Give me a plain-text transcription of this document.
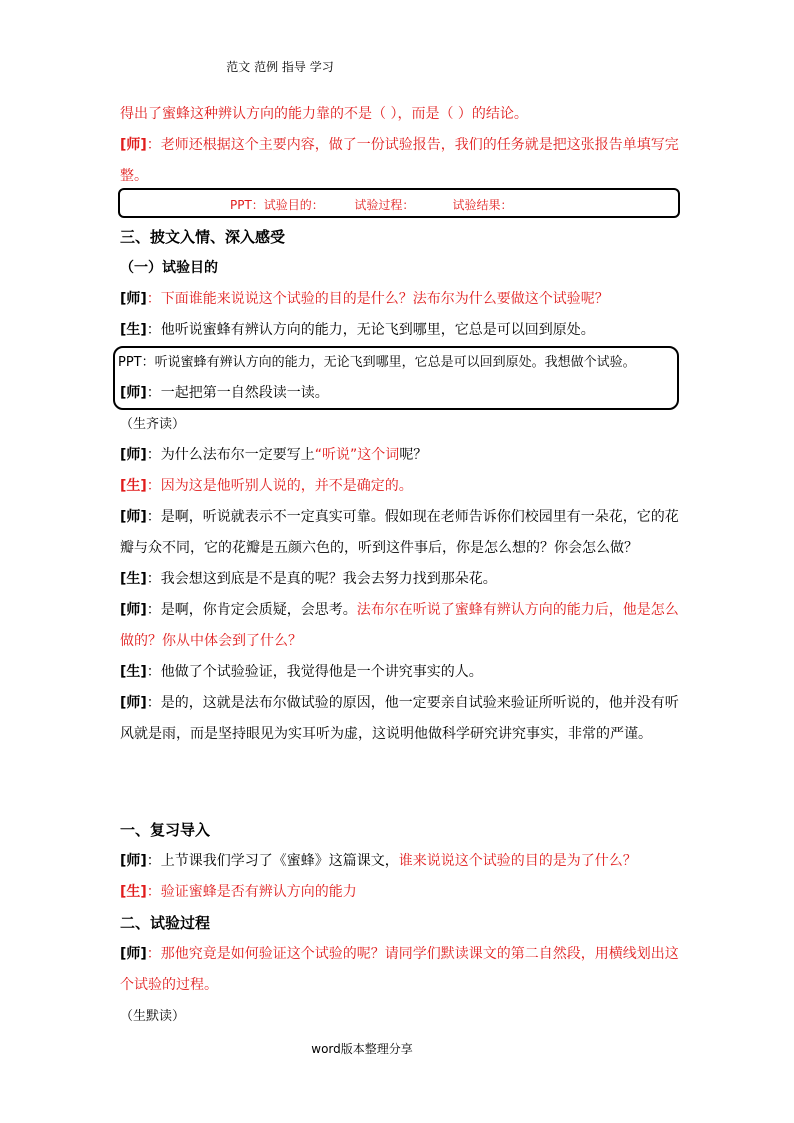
范文 范例 指导 学习
得出了蜜蜂这种辨认方向的能力靠的不是（ ），而是（ ）的结论。
[师]：老师还根据这个主要内容，做了一份试验报告，我们的任务就是把这张报告单填写完整。
PPT：试验目的：        试验过程：          试验结果：
三、披文入情、深入感受
（一）试验目的
[师]：下面谁能来说说这个试验的目的是什么？法布尔为什么要做这个试验呢？
[生]：他听说蜜蜂有辨认方向的能力，无论飞到哪里，它总是可以回到原处。
PPT：听说蜜蜂有辨认方向的能力，无论飞到哪里，它总是可以回到原处。我想做个试验。
[师]：一起把第一自然段读一读。
（生齐读）
[师]：为什么法布尔一定要写上“听说”这个词呢？
[生]：因为这是他听别人说的，并不是确定的。
[师]：是啊，听说就表示不一定真实可靠。假如现在老师告诉你们校园里有一朵花，它的花瓣与众不同，它的花瓣是五颜六色的，听到这件事后，你是怎么想的？你会怎么做？
[生]：我会想这到底是不是真的呢？我会去努力找到那朵花。
[师]：是啊，你肯定会质疑，会思考。法布尔在听说了蜜蜂有辨认方向的能力后，他是怎么做的？你从中体会到了什么？
[生]：他做了个试验验证，我觉得他是一个讲究事实的人。
[师]：是的，这就是法布尔做试验的原因，他一定要亲自试验来验证所听说的，他并没有听风就是雨，而是坚持眼见为实耳听为虚，这说明他做科学研究讲究事实，非常的严谨。
一、复习导入
[师]：上节课我们学习了《蜜蜂》这篇课文，谁来说说这个试验的目的是为了什么？
[生]：验证蜜蜂是否有辨认方向的能力
二、试验过程
[师]：那他究竟是如何验证这个试验的呢？请同学们默读课文的第二自然段，用横线划出这个试验的过程。
（生默读）
word版本整理分享
